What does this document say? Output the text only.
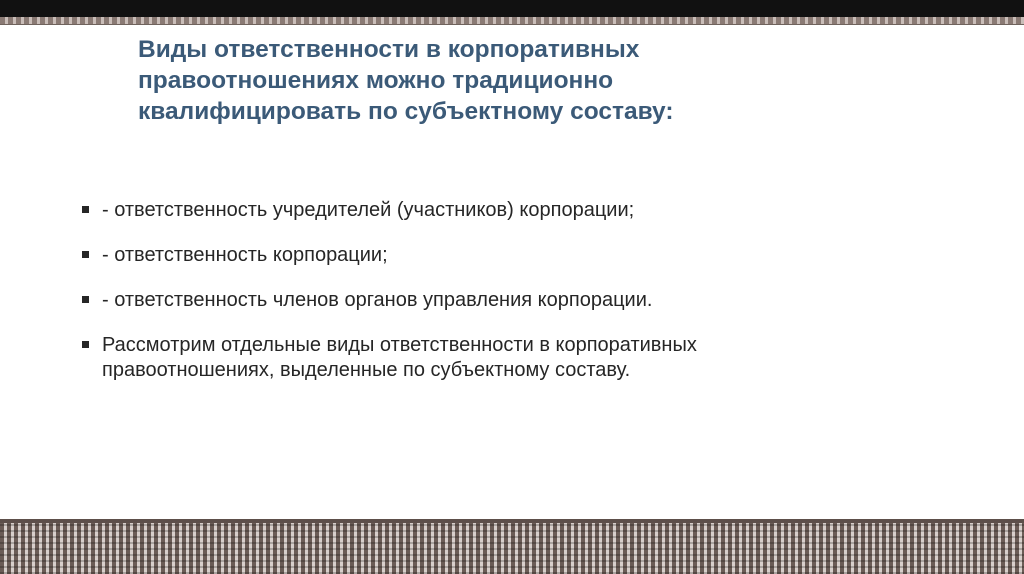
Виды ответственности в корпоративных
правоотношениях можно традиционно
квалифицировать по субъектному составу:
- ответственность учредителей (участников) корпорации;
- ответственность корпорации;
- ответственность членов органов управления корпорации.
Рассмотрим отдельные виды ответственности в корпоративных правоотношениях, выделенные по субъектному составу.
